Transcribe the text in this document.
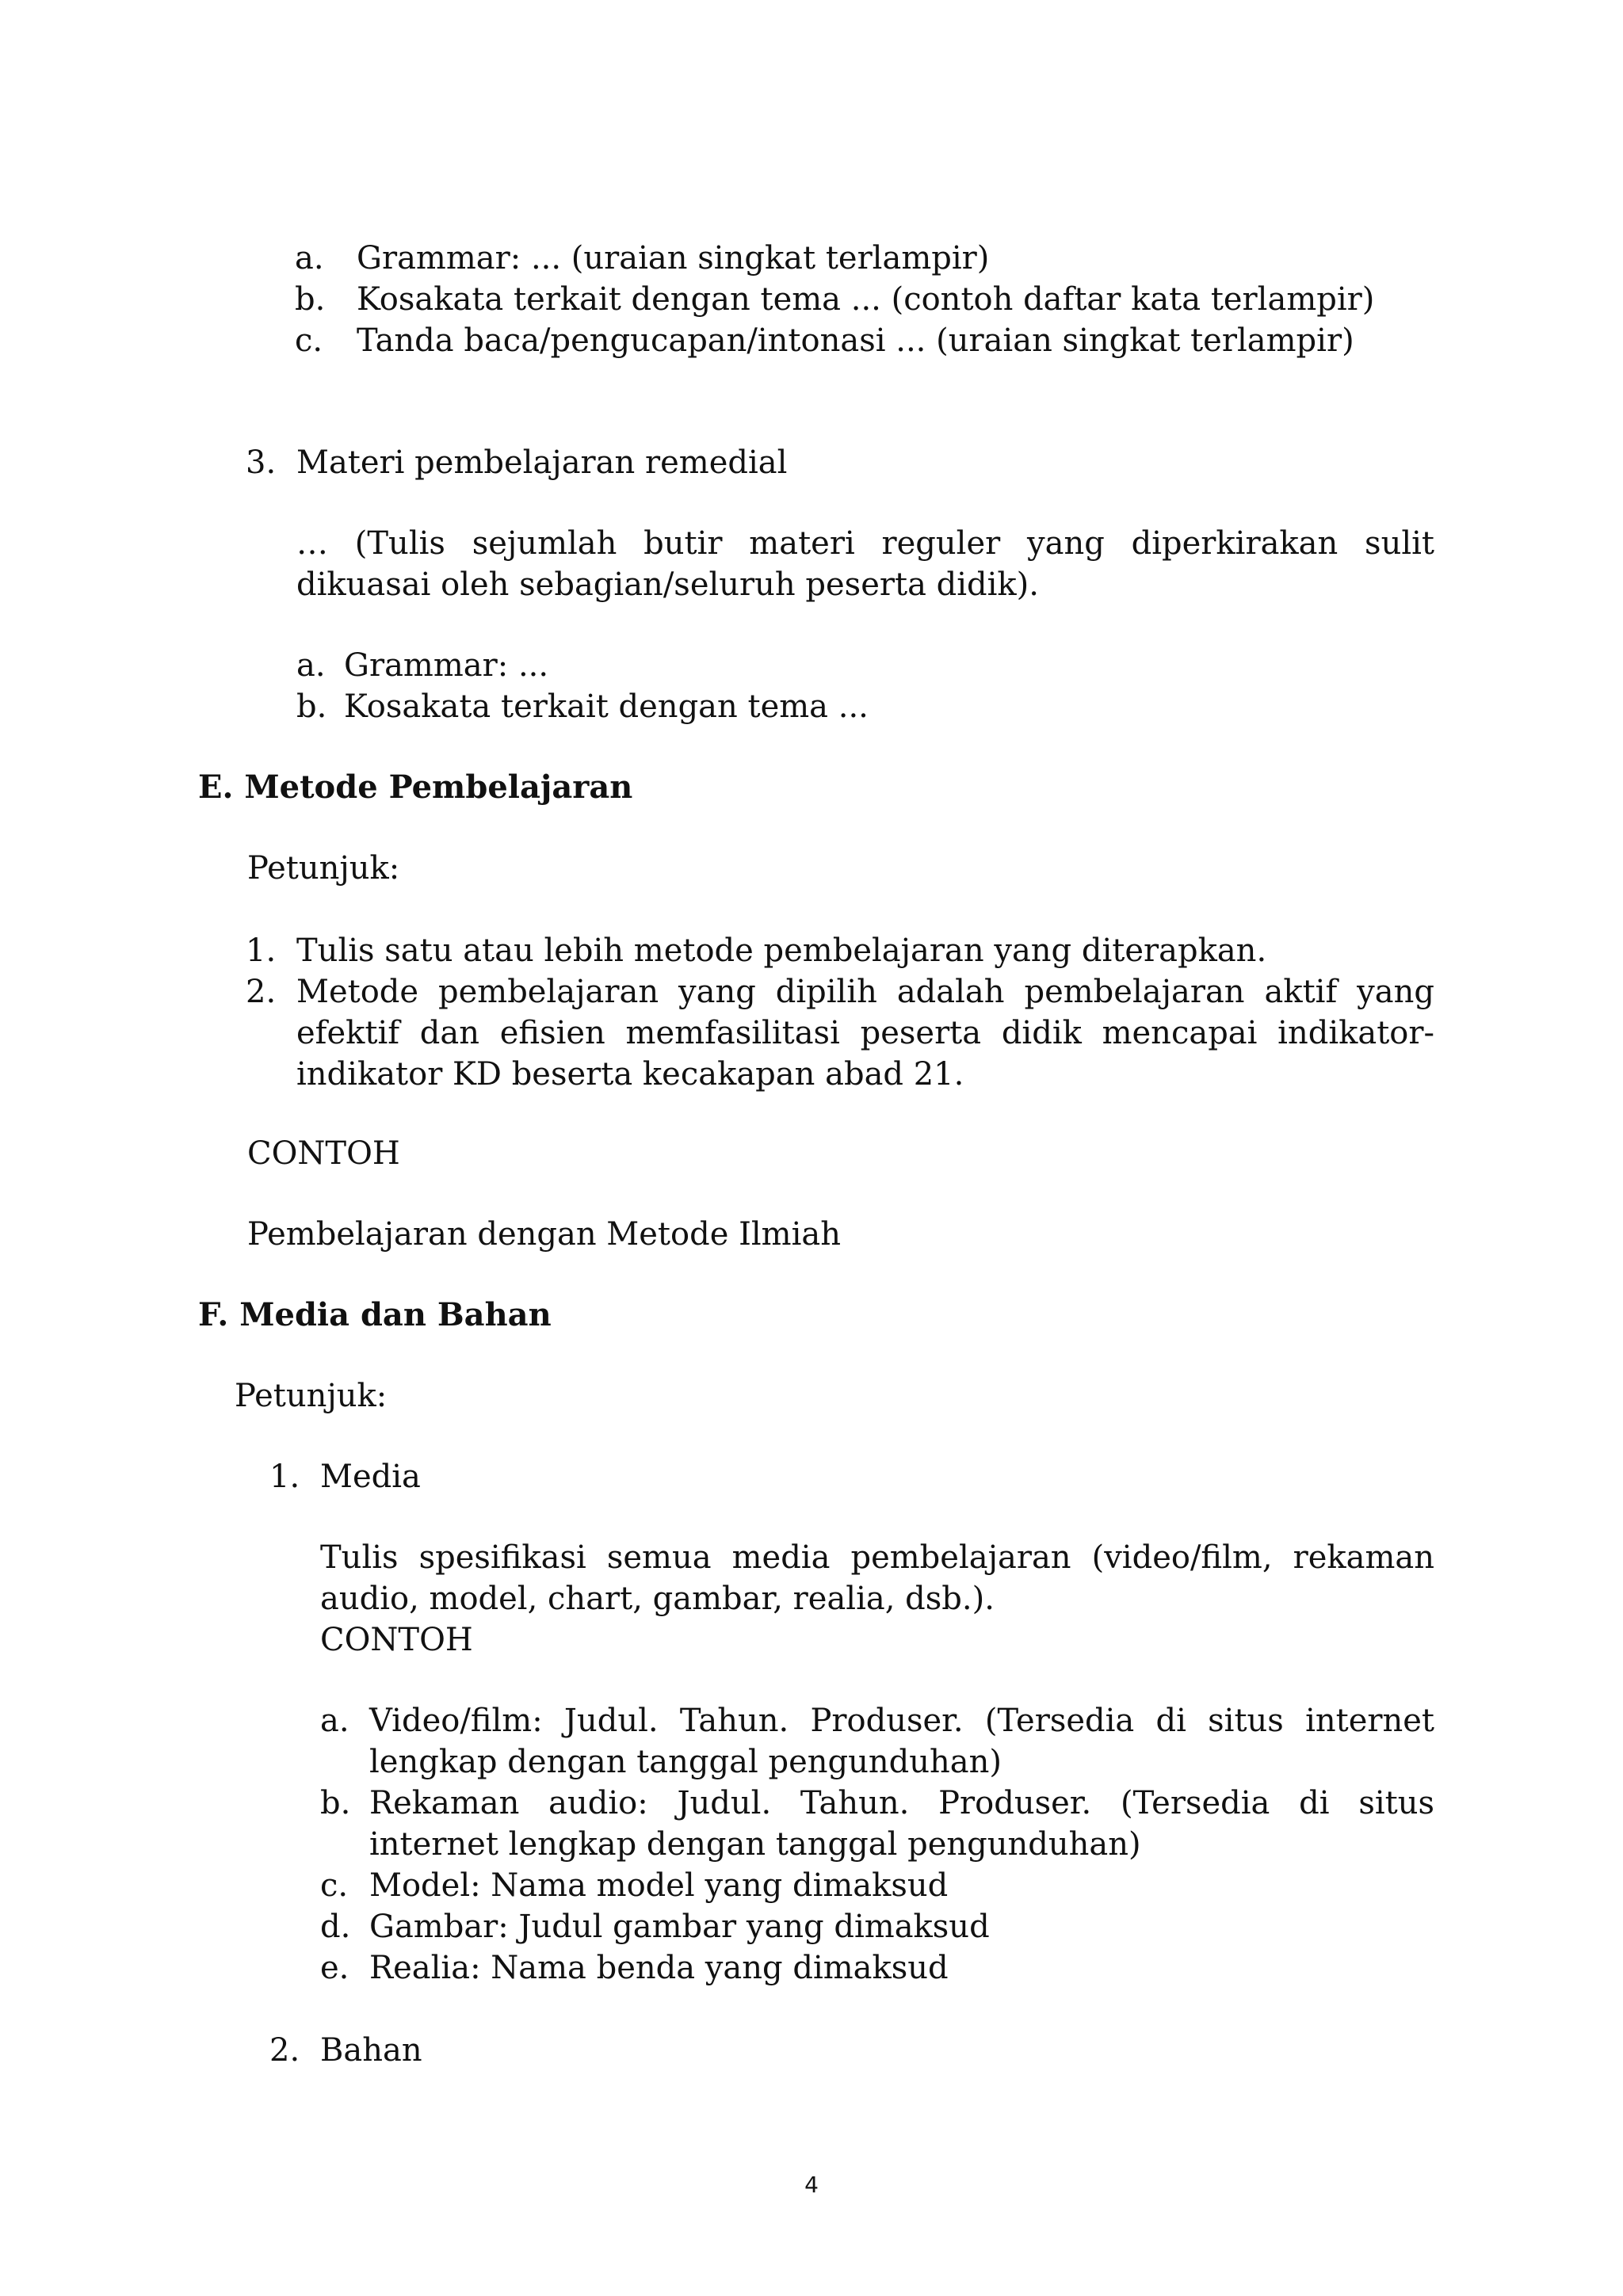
a. Grammar: ... (uraian singkat terlampir)
b. Kosakata terkait dengan tema ... (contoh daftar kata terlampir)
c. Tanda baca/pengucapan/intonasi ... (uraian singkat terlampir)
3. Materi pembelajaran remedial
… (Tulis sejumlah butir materi reguler yang diperkirakan sulit dikuasai oleh sebagian/seluruh peserta didik).
a. Grammar: ...
b. Kosakata terkait dengan tema ...
E. Metode Pembelajaran
Petunjuk:
1. Tulis satu atau lebih metode pembelajaran yang diterapkan.
2. Metode pembelajaran yang dipilih adalah pembelajaran aktif yang efektif dan efisien memfasilitasi peserta didik mencapai indikator-indikator KD beserta kecakapan abad 21.
CONTOH
Pembelajaran dengan Metode Ilmiah
F. Media dan Bahan
Petunjuk:
1. Media
Tulis spesifikasi semua media pembelajaran (video/film, rekaman audio, model, chart, gambar, realia, dsb.).
CONTOH
a. Video/film: Judul. Tahun. Produser. (Tersedia di situs internet lengkap dengan tanggal pengunduhan)
b. Rekaman audio: Judul. Tahun. Produser. (Tersedia di situs internet lengkap dengan tanggal pengunduhan)
c. Model: Nama model yang dimaksud
d. Gambar: Judul gambar yang dimaksud
e. Realia: Nama benda yang dimaksud
2. Bahan
4
